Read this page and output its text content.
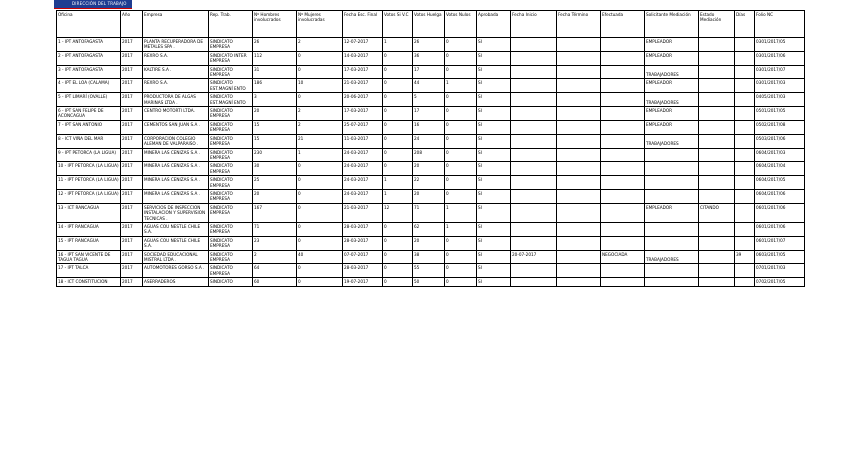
DIRECCIÓN DEL TRABAJO
Oficina	Año	Empresa	Rep. Trab.	Nº Hombres involucrados	Nº Mujeres involucradas	Fecha Esc. Final	Votos Si V.C	Votos Huelga	Votos Nulos	Aprobada	Fecha Inicio	Fecha Término	Efectuada	Solicitante Mediación	Estado Mediación	Días	Folio NC
1 - IPT ANTOFAGASTA	2017	PLANTA RECUPERADORA DE METALES SPA .	SINDICATO EMPRESA	26	2	12-07-2017	1	26	0	SI				EMPLEADOR			0301/2017/05
2 - IPT ANTOFAGASTA	2017	REXRO S.A.	SINDICATO INTER EMPRESA	112	0	14-03-2017	0	36	0	SI				EMPLEADOR			0301/2017/06
3 - IPT ANTOFAGASTA	2017	KALTIRE S.A .	SINDICATO EMPRESA	31	0	17-03-2017	0	17	0	SI				TRABAJADORES			0301/2017/07
4 - IPT EL LOA (CALAMA)	2017	REXRO S.A.	SINDICATO EST.MAGNÍ ENTO	186	10	21-03-2017	0	44	1	SI				EMPLEADOR			0301/2017/03
5 - IPT LIMARÍ (OVALLE)	2017	PRODUCTORA DE ALGAS MARINAS LTDA .	SINDICATO EST.MAGNÍ ENTO	3	0	20-06-2017	0	5	0	SI				TRABAJADORES			0405/2017/03
6 - IPT SAN FELIPE DE ACONCAGUA	2017	CENTRO MOTORTI LTDA.	SINDICATO EMPRESA	20	2	17-03-2017	0	17	0	SI				EMPLEADOR			0501/2017/05
7 - IPT SAN ANTONIO	2017	CEMENTOS SAN JUAN S.A .	SINDICATO EMPRESA	15	2	25-07-2017	0	16	0	SI				EMPLEADOR			0502/2017/08
8 - ICT VIÑA DEL MAR	2017	CORPORACION COLEGIO ALEMAN DE VALPARAISO .	SINDICATO EMPRESA	15	21	11-03-2017	0	24	0	SI				TRABAJADORES			0503/2017/06
9 - IPT PETORCA (LA LIGUA)	2017	MINERA LAS CENIZAS S.A .	SINDICATO EMPRESA	230	1	24-03-2017	0	208	0	SI							0604/2017/03
10 - IPT PETORCA (LA LIGUA)	2017	MINERA LAS CENIZAS S.A .	SINDICATO EMPRESA	30	0	24-03-2017	0	20	0	SI							0604/2017/04
11 - IPT PETORCA (LA LIGUA)	2017	MINERA LAS CENIZAS S.A .	SINDICATO EMPRESA	25	0	24-03-2017	1	22	0	SI							0604/2017/05
12 - IPT PETORCA (LA LIGUA)	2017	MINERA LAS CENIZAS S.A .	SINDICATO EMPRESA	20	0	24-03-2017	1	20	0	SI							0604/2017/06
13 - ICT RANCAGUA	2017	SERVICIOS DE INSPECCION INSTALACION Y SUPERVISION TECNICAS .	SINDICATO EMPRESA	167	0	21-03-2017	12	71	1	SI				EMPLEADOR	CITANDO		0601/2017/06
14 - IPT RANCAGUA	2017	AGUAS COU NESTLE CHILE S.A.	SINDICATO EMPRESA	71	0	28-03-2017	0	62	1	SI							0601/2017/06
15 - IPT RANCAGUA	2017	AGUAS COU NESTLE CHILE S.A.	SINDICATO EMPRESA	23	0	28-03-2017	0	20	0	SI							0601/2017/07
16 - IPT SAN VICENTE DE TAGUA TAGUA	2017	SOCIEDAD EDUCACIONAL MISTRAL LTDA .	SINDICATO EMPRESA	2	40	07-07-2017	0	38	0	SI	20-07-2017		NEGOCIADA	TRABAJADORES		39	0603/2017/05
17 - IPT TALCA	2017	AUTOMOTORES GORSO S.A .	SINDICATO EMPRESA	64	0	28-03-2017	0	55	0	SI							0701/2017/03
18 - ICT CONSTITUCION	2017	ASERRADEROS	SINDICATO	60	0	19-07-2017	0	50	0	SI							0702/2017/05
